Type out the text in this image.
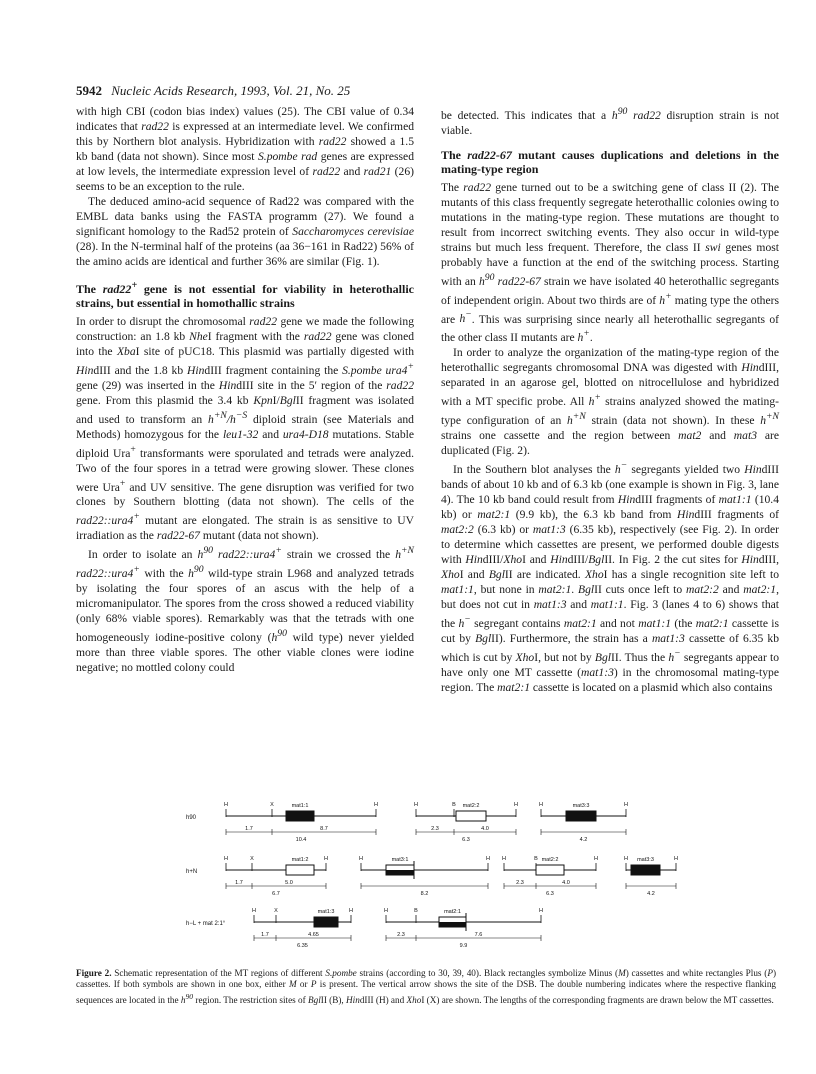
5942 Nucleic Acids Research, 1993, Vol. 21, No. 25

with high CBI (codon bias index) values (25). The CBI value of 0.34 indicates that rad22 is expressed at an intermediate level. We confirmed this by Northern blot analysis. Hybridization with rad22 showed a 1.5 kb band (data not shown). Since most S.pombe rad genes are expressed at low levels, the intermediate expression level of rad22 and rad21 (26) seems to be an exception to the rule.

The deduced amino-acid sequence of Rad22 was compared with the EMBL data banks using the FASTA programm (27). We found a significant homology to the Rad52 protein of Saccharomyces cerevisiae (28). In the N-terminal half of the proteins (aa 36−161 in Rad22) 56% of the amino acids are identical and further 36% are similar (Fig. 1).

The rad22+ gene is not essential for viability in heterothallic strains, but essential in homothallic strains

In order to disrupt the chromosomal rad22 gene we made the following construction: an 1.8 kb NheI fragment with the rad22 gene was cloned into the XbaI site of pUC18. This plasmid was partially digested with HindIII and the 1.8 kb HindIII fragment containing the S.pombe ura4+ gene (29) was inserted in the HindIII site in the 5′ region of the rad22 gene. From this plasmid the 3.4 kb KpnI/BglII fragment was isolated and used to transform an $h^{+N}/h^{-S}$ diploid strain (see Materials and Methods) homozygous for the leu1-32 and ura4-D18 mutations. Stable diploid Ura+ transformants were sporulated and tetrads were analyzed. Two of the four spores in a tetrad were growing slower. These clones were Ura+ and UV sensitive. The gene disruption was verified for two clones by Southern blotting (data not shown). The cells of the rad22::ura4+ mutant are elongated. The strain is as sensitive to UV irradiation as the rad22-67 mutant (data not shown).

In order to isolate an $h^{90}$ rad22::ura4+ strain we crossed the $h^{+N}$ rad22::ura4+ with the $h^{90}$ wild-type strain L968 and analyzed tetrads by isolating the four spores of an ascus with the help of a micromanipulator. The spores from the cross showed a reduced viability (only 68% viable spores). Remarkably was that the tetrads with one homogeneously iodine-positive colony ($h^{90}$ wild type) never yielded more than three viable spores. The other viable clones were iodine negative; no mottled colony could

be detected. This indicates that a $h^{90}$ rad22 disruption strain is not viable.

The rad22-67 mutant causes duplications and deletions in the mating-type region

The rad22 gene turned out to be a switching gene of class II (2). The mutants of this class frequently segregate heterothallic colonies owing to mutations in the mating-type region. These mutations are thought to result from incorrect switching events. They also occur in wild-type strains but much less frequent. Therefore, the class II swi genes most probably have a function at the end of the switching process. Starting with an $h^{90}$ rad22-67 strain we have isolated 40 heterothallic segregants of independent origin. About two thirds are of h+ mating type the others are h−. This was surprising since nearly all heterothallic segregants of the other class II mutants are h+.

In order to analyze the organization of the mating-type region of the heterothallic segregants chromosomal DNA was digested with HindIII, separated in an agarose gel, blotted on nitrocellulose and hybridized with a MT specific probe. All h+ strains analyzed showed the mating-type configuration of an $h^{+N}$ strain (data not shown). In these $h^{+N}$ strains one cassette and the region between mat2 and mat3 are duplicated (Fig. 2).

In the Southern blot analyses the h− segregants yielded two HindIII bands of about 10 kb and of 6.3 kb (one example is shown in Fig. 3, lane 4). The 10 kb band could result from HindIII fragments of mat1:1 (10.4 kb) or mat2:1 (9.9 kb), the 6.3 kb band from HindIII fragments of mat2:2 (6.3 kb) or mat1:3 (6.35 kb), respectively (see Fig. 2). In order to determine which cassettes are present, we performed double digests with HindIII/XhoI and HindIII/BglII. In Fig. 2 the cut sites for HindIII, XhoI and BglII are indicated. XhoI has a single recognition site left to mat1:1, but none in mat2:1. BglII cuts once left to mat2:2 and mat2:1, but does not cut in mat1:3 and mat1:1. Fig. 3 (lanes 4 to 6) shows that the h− segregant contains mat2:1 and not mat1:1 (the mat2:1 cassette is cut by BglII). Furthermore, the strain has a mat1:3 cassette of 6.35 kb which is cut by XhoI, but not by BglII. Thus the h− segregants appear to have only one MT cassette (mat1:3) in the chromosomal mating-type region. The mat2:1 cassette is located on a plasmid which also contains

h90
H	X	H
mat1:1
1.7	8.7
10.4
H	B	H
mat2:2
2.3	4.0
6.3
H	H
mat3:3
4.2
h+N
H	X	H
mat1:2
1.7	5.0
6.7
H	H
mat3:1
8.2
H	B	H
mat2:2
2.3	4.0
6.3
H	H
mat3:3
4.2
h−L + mat 2:1°
H	X	H
mat1:3
1.7	4.65
6.35
H	B	H
mat2:1
2.3	7.6
9.9
Figure 2. Schematic representation of the MT regions of different S.pombe strains (according to 30, 39, 40). Black rectangles symbolize Minus (M) cassettes and white rectangles Plus (P) cassettes. If both symbols are shown in one box, either M or P is present. The vertical arrow shows the site of the DSB. The double numbering indicates where the respective flanking sequences are located in the $h^{90}$ region. The restriction sites of BglII (B), HindIII (H) and XhoI (X) are shown. The lengths of the corresponding fragments are drawn below the MT cassettes.
